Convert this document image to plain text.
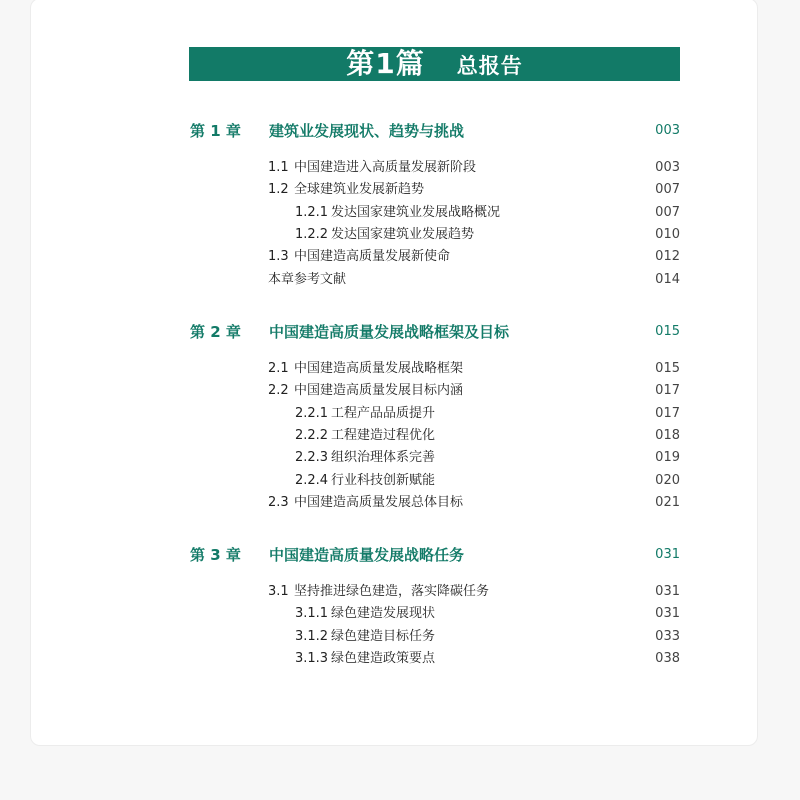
第1篇 总报告
第 1 章 建筑业发展现状、趋势与挑战	003
1.1 中国建造进入高质量发展新阶段	003
1.2 全球建筑业发展新趋势	007
1.2.1 发达国家建筑业发展战略概况	007
1.2.2 发达国家建筑业发展趋势	010
1.3 中国建造高质量发展新使命	012
本章参考文献	014
第 2 章 中国建造高质量发展战略框架及目标	015
2.1 中国建造高质量发展战略框架	015
2.2 中国建造高质量发展目标内涵	017
2.2.1 工程产品品质提升	017
2.2.2 工程建造过程优化	018
2.2.3 组织治理体系完善	019
2.2.4 行业科技创新赋能	020
2.3 中国建造高质量发展总体目标	021
第 3 章 中国建造高质量发展战略任务	031
3.1 坚持推进绿色建造，落实降碳任务	031
3.1.1 绿色建造发展现状	031
3.1.2 绿色建造目标任务	033
3.1.3 绿色建造政策要点	038
